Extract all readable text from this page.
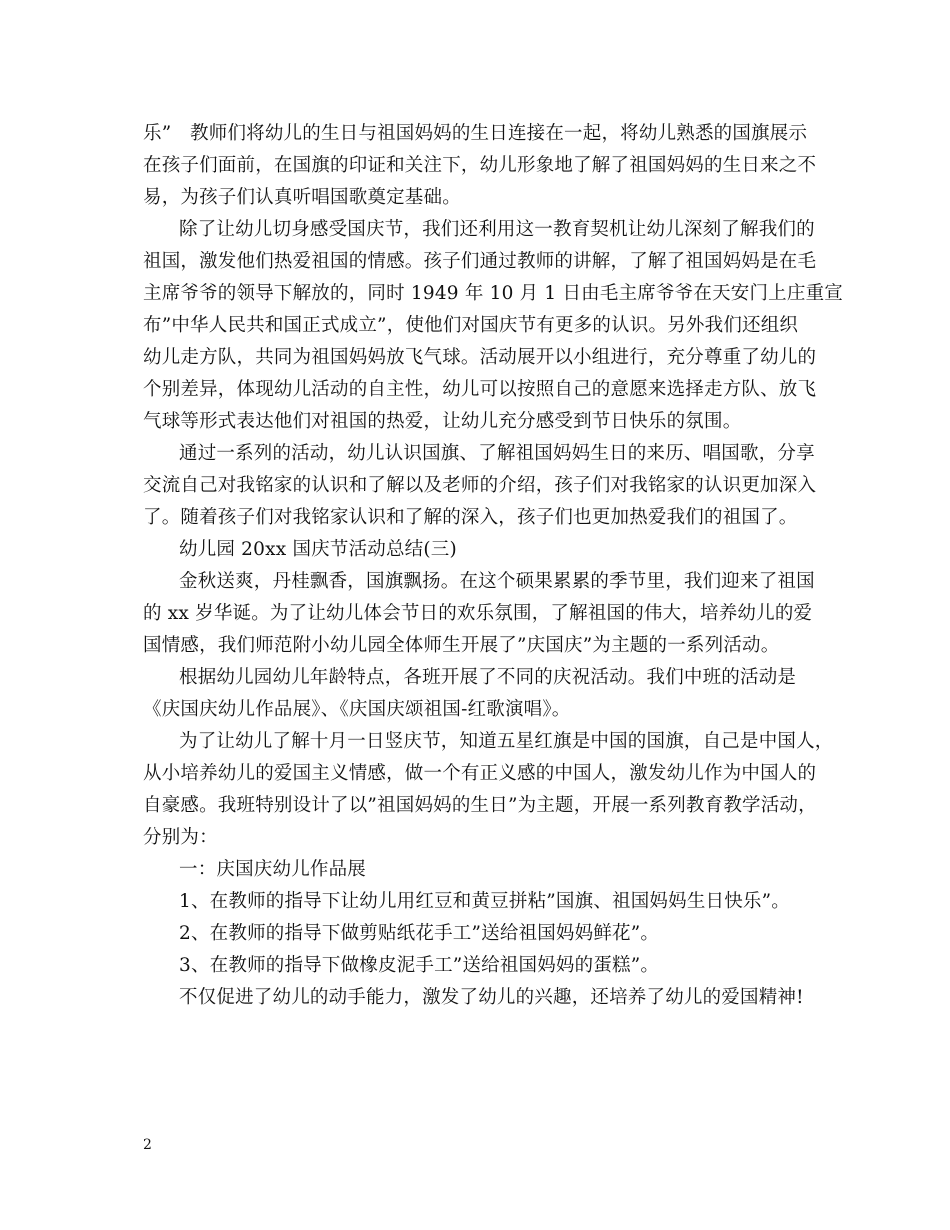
乐”　教师们将幼儿的生日与祖国妈妈的生日连接在一起，将幼儿熟悉的国旗展示
在孩子们面前，在国旗的印证和关注下，幼儿形象地了解了祖国妈妈的生日来之不
易，为孩子们认真听唱国歌奠定基础。
除了让幼儿切身感受国庆节，我们还利用这一教育契机让幼儿深刻了解我们的
祖国，激发他们热爱祖国的情感。孩子们通过教师的讲解，了解了祖国妈妈是在毛
主席爷爷的领导下解放的，同时 1949 年 10 月 1 日由毛主席爷爷在天安门上庄重宣
布”中华人民共和国正式成立”，使他们对国庆节有更多的认识。另外我们还组织
幼儿走方队，共同为祖国妈妈放飞气球。活动展开以小组进行，充分尊重了幼儿的
个别差异，体现幼儿活动的自主性，幼儿可以按照自己的意愿来选择走方队、放飞
气球等形式表达他们对祖国的热爱，让幼儿充分感受到节日快乐的氛围。
通过一系列的活动，幼儿认识国旗、了解祖国妈妈生日的来历、唱国歌，分享
交流自己对我铭家的认识和了解以及老师的介绍，孩子们对我铭家的认识更加深入
了。随着孩子们对我铭家认识和了解的深入，孩子们也更加热爱我们的祖国了。
幼儿园 20xx 国庆节活动总结(三)
金秋送爽，丹桂飘香，国旗飘扬。在这个硕果累累的季节里，我们迎来了祖国
的 xx 岁华诞。为了让幼儿体会节日的欢乐氛围，了解祖国的伟大，培养幼儿的爱
国情感，我们师范附小幼儿园全体师生开展了”庆国庆”为主题的一系列活动。
根据幼儿园幼儿年龄特点，各班开展了不同的庆祝活动。我们中班的活动是
《庆国庆幼儿作品展》、《庆国庆颂祖国-红歌演唱》。
为了让幼儿了解十月一日竖庆节，知道五星红旗是中国的国旗，自己是中国人，
从小培养幼儿的爱国主义情感，做一个有正义感的中国人，激发幼儿作为中国人的
自豪感。我班特别设计了以”祖国妈妈的生日”为主题，开展一系列教育教学活动，
分别为：
一：庆国庆幼儿作品展
1、在教师的指导下让幼儿用红豆和黄豆拼粘”国旗、祖国妈妈生日快乐”。
2、在教师的指导下做剪贴纸花手工”送给祖国妈妈鲜花”。
3、在教师的指导下做橡皮泥手工”送给祖国妈妈的蛋糕”。
不仅促进了幼儿的动手能力，激发了幼儿的兴趣，还培养了幼儿的爱国精神!
2
